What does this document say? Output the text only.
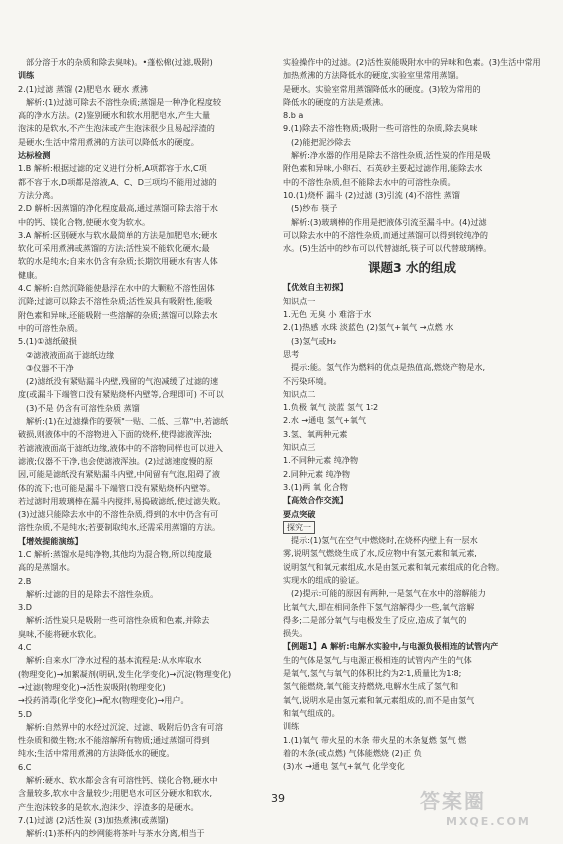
部分溶于水的杂质和除去臭味)。•蓬松棉(过滤,吸附)
训练
2.(1)过滤 蒸馏 (2)肥皂水 硬水 煮沸
解析:(1)过滤可除去不溶性杂质;蒸馏是一种净化程度较
高的净水方法。(2)鉴别硬水和软水用肥皂水,产生大量
泡沫的是软水,不产生泡沫或产生泡沫很少且易起浮渣的
是硬水;生活中常用煮沸的方法可以降低水的硬度。
达标检测
1.B 解析:根据过滤的定义进行分析,A项都容于水,C项
都不容于水,D项都是溶液,A、C、D三项均不能用过滤的
方法分离。
2.D 解析:因蒸馏的净化程度最高,通过蒸馏可除去溶于水
中的钙、镁化合物,使硬水变为软水。
3.A 解析:区别硬水与软水最简单的方法是加肥皂水;硬水
软化可采用煮沸或蒸馏的方法;活性炭不能软化硬水;最
软的水是纯水;自来水仍含有杂质;长期饮用硬水有害人体
健康。
4.C 解析:自然沉降能使悬浮在水中的大颗粒不溶性固体
沉降;过滤可以除去不溶性杂质;活性炭具有吸附性,能吸
附色素和异味,还能吸附一些溶解的杂质;蒸馏可以除去水
中的可溶性杂质。
5.(1)①滤纸破损
②滤液液面高于滤纸边缘
③仪器不干净
(2)滤纸没有紧贴漏斗内壁,残留的气泡减缓了过滤的速
度(或漏斗下端管口没有紧贴烧杯内壁等,合理即可) 不可以
(3)不是 仍含有可溶性杂质 蒸馏
解析:(1)在过滤操作的要领"一贴、二低、三靠"中,若滤纸
破损,则液体中的不溶物进入下面的烧杯,使得滤液浑浊;
若滤液液面高于滤纸边缘,液体中的不溶物同样也可以进入
滤液;仪器不干净,也会使滤液浑浊。(2)过滤速度慢的原
因,可能是滤纸没有紧贴漏斗内壁,中间留有气泡,阻碍了液
体的流下;也可能是漏斗下端管口没有紧贴烧杯内壁等。
若过滤时用玻璃棒在漏斗内搅拌,易捣破滤纸,使过滤失败。
(3)过滤只能除去水中的不溶性杂质,得到的水中仍含有可
溶性杂质,不是纯水;若要制取纯水,还需采用蒸馏的方法。
【增效提能演练】
1.C 解析:蒸馏水是纯净物,其他均为混合物,所以纯度最
高的是蒸馏水。
2.B
解析:过滤的目的是除去不溶性杂质。
3.D
解析:活性炭只是吸附一些可溶性杂质和色素,并除去
臭味,不能将硬水软化。
4.C
解析:自来水厂净水过程的基本流程是:从水库取水
(物理变化)→加絮凝剂(明矾,发生化学变化)→沉淀(物理变化)
→过滤(物理变化)→活性炭吸附(物理变化)
→投药消毒(化学变化)→配水(物理变化)→用户。
5.D
解析:自然界中的水经过沉淀、过滤、吸附后仍含有可溶
性杂质和微生物;水不能溶解所有物质;通过蒸馏可得到
纯水;生活中常用煮沸的方法降低水的硬度。
6.C
解析:硬水、软水都会含有可溶性钙、镁化合物,硬水中
含量较多,软水中含量较少;用肥皂水可区分硬水和软水,
产生泡沫较多的是软水,泡沫少、浮渣多的是硬水。
7.(1)过滤 (2)活性炭 (3)加热煮沸(或蒸馏)
解析:(1)茶杯内的纱网能将茶叶与茶水分离,相当于
实验操作中的过滤。(2)活性炭能吸附水中的异味和色素。(3)生活中常用
加热煮沸的方法降低水的硬度,实验室里常用蒸馏。
是硬水。实验室常用蒸馏降低水的硬度。(3)较为常用的
降低水的硬度的方法是煮沸。
8.b a
9.(1)除去不溶性物质;吸附一些可溶性的杂质,除去臭味
(2)能把泥沙除去
解析:净水器的作用是除去不溶性杂质,活性炭的作用是吸
附色素和异味,小卵石、石英砂主要起过滤作用,能除去水
中的不溶性杂质,但不能除去水中的可溶性杂质。
10.(1)烧杯 漏斗 (2)过滤 (3)引流 (4)不溶性 蒸馏
(5)纱布 筷子
解析:(3)玻璃棒的作用是把液体引流至漏斗中。(4)过滤
可以除去水中的不溶性杂质,而通过蒸馏可以得到较纯净的
水。(5)生活中的纱布可以代替滤纸,筷子可以代替玻璃棒。
课题3 水的组成
【优效自主初探】
知识点一
1.无色 无臭 小 难溶于水
2.(1)热感 水珠 淡蓝色 (2)氢气+氧气 →点燃 水
(3)氢气或H₂
思考
提示:能。氢气作为燃料的优点是热值高,燃烧产物是水,
不污染环境。
知识点二
1.负极 氧气 淡蓝 氢气 1∶2
2.水 →通电 氢气+氧气
3.氢、氧两种元素
知识点三
1.不同种元素 纯净物
2.同种元素 纯净物
3.(1)两 氧 化合物
【高效合作交流】
要点突破
探究一
提示:(1)氢气在空气中燃烧时,在烧杯内壁上有一层水
雾,说明氢气燃烧生成了水,反应物中有氢元素和氧元素,
说明氢气和氧元素组成,水是由氢元素和氧元素组成的化合物。
实现水的组成的验证。
(2)提示:可能的原因有两种,一是氢气在水中的溶解能力
比氧气大,即在相同条件下氢气溶解得少一些,氧气溶解
得多;二是部分氧气与电极发生了反应,造成了氧气的
损失。
【例题1】A 解析:电解水实验中,与电源负极相连的试管内产
生的气体是氢气,与电源正极相连的试管内产生的气体
是氧气,氢气与氧气的体积比约为2∶1,质量比为1∶8;
氢气能燃烧,氧气能支持燃烧,电解水生成了氢气和
氧气,说明水是由氢元素和氧元素组成的,而不是由氢气
和氧气组成的。
训练
1.(1)氧气 带火星的木条 带火星的木条复燃 氢气 燃
着的木条(或点燃) 气体能燃烧 (2)正 负
(3)水 →通电 氢气+氧气 化学变化
39	答案圈
MXQE.COM
